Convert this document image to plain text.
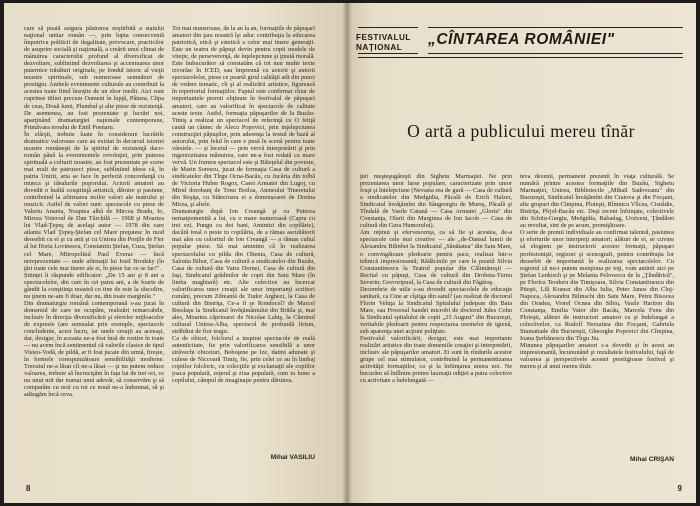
care să poată asigura păstrarea neştirbită a statului naţional unitar român —, prin lupta consecventă împotriva politicii de ilegalitate, provocare, practicilor de asuprire socială şi naţională, a creării unui climat de mânuirea caracterului profund al diversificat de dezvoltare, subliniind dezvoltarea şi accentuarea unor puternice trăsături originale, pe fondul istoric al vieţii noastre spirituale, sub numeroase semnături de prestigiu. Ambele evenimente culturale au contribuit la acestea toate fiind însoţite de un zbor inedit. Aici sunt cuprinse titluri precum Oameni în lupţă, Pâinea, Clipa de ceas, Două lumi, Plumbul şi alte piese de rezistenţă. De asemenea, au fost prezentate şi lucrări noi, aparţinând dramaturgiei naţionale contemporane, Primăvara eroului de Emil Poenaru.
În sfârşit, trebuie luate în considerare lucrările dramatice valoroase care au existat în decursul istoriei noastre româneşti de la spiritul de rezistenţă daco-român până la evenimentele revoluţiei, prin puterea spirituală a culturii noastre, au fost prezentate pe scene mai mult de patruzeci piese, subliniind ideea că, în patria Unirii, arta se face în perfectă concordanţă cu munca şi idealurile poporului. Actorii amatori au dovedit o înaltă conştiinţă artistică, dăruire şi pasiune, contribuind la afirmarea noilor valori ale teatrului şi muzicii. Astfel de valori sunt: spectacole cu piese de Valeriu Anania, Noaptea albă de Mircea Bradu, Io, Mircea Voievod de Dan Tărchilă — 1968 şi Moartea lui Vlad-Ţepeş de acelaşi autor — 1978 din care atlanta Vlad Ţepeş-Ştefan cel Mare preţuiesc în mod deosebit cu ei şi cu anii şi cu Unirea din Porţile de Fier al lui Horia Lovinescu, Constantin Ştefan, Cuza, Ştefan cel Mare, Mitropolitul Paul Everac — încă nereprezentate — unde afirmaţii lui Iosif Brodsky (în ţări toate cele mai tinere ale ei, în piese fac ce se fac!".
Știinţei li răspunde edificator: „De 15 ani şi 8 ani a spectacolelor, din care în cei patru ani, a de foarte de gândit la conştiinţa noastră cu tine de este la răscolire, nu ţinem ne-am fi doar, dar nu, din toate marginile."
Din dramaturgia română contemporană s-au jucat în domeniul de care ne ocupăm, realizări remarcabile, inclusiv în direcţia diversificării şi sferelor mijloacelor de expresie (am semnalat prin exemple, spectacole concludente, acest lucru, iar unele creaţii au aceeaşi, dar, desigur, în aceasta ne-a fost însă de rostire în toate — nu avem încă sentimentul că valorile clasice de tipul Visteo-Vodă, de pildă, ar fi fost jucate din urmă, fireşte, în formele corespunzătoare sensibilităţii moderne. Trecutul ne-a lăsat cît ne-a lăsat — şi nu putem reduce valoarea, trebuie să încrucişăm în faţa lui de trei ori, ce nu unui mit dar numai unui adevăr, să conservăm şi să comparăm cu noii cu tot ce nouă ne-a îndemnat, să şi adăugăm încă ceva.

Tot mai numeroase, de la an la an, formaţiile de păpuşari amatori din ţara noastră îşi aduc contribuţia la educarea patriotică, etică şi estetică a celor mai tinere generaţii. Este un teatru de păpuşi devin pentru copii modele de viteţie, de perseverenţă, de înţelepciune şi ţinută morală. Este îmbucurător să constatăm că tot mai multe texte izvorăsc în ICED, sau împreună cu actorii şi autorii spectacolelor, piese ce poartă girul calităţii atît din punct de vedere tematic, cît şi al realizării artistice, figurează în repertoriul formaţiilor. Faptul este confirmat chiar de importantele premii obţinute în festivalul de păpuşari amatori, care au valorificat în spectacole de calitate aceste texte. Astfel, formaţia păpuşarilor de la Buzău-Timiş a realizat un spectacol de referinţă cu O fetiţă caută un cântec de Alecu Popovici, prin inţelepciunea construcţiei păpuşilor, prin aderenţa la textul de bază al autorului, prin felul în care e pusă în scenă pentru toate vârstele. — și încetul — prin vervă interpretării şi prin ingeniozitatea mânuirea, care ne-a fost redată cu mare vervă. Un frumos spectacol este şi Băieţelul din poveste, de Marin Sorescu, jucat de formaţia Casa de cultură a sindicatelor din Tîrgu Ocna-Bacău, cu Jucăria din tolbă de Victoria Huber Rogoz, Casei Armatei din Lugoj, cu Mirul dorobanţ de Tonu Boiloa, Ateneului Tineretului din Reşiţa, cu Stăncioara ei a domnişoarei de Dorina Mirza, şi altele.
Dramaturgie după Ion Creangă şi cu Puterea nemaipomenită a lui, cu o mare numeroasă (Capra cu trei ezi, Pungu cu doi bani, Amintiri din copilărie), dacără ireal o peste tu copilăria, de a rămas ascultătorii mai ales cu coloritul de Ion Creangă — a rămas cultul popular piese. Să mai amintim că în realizarea spectacolului cu pilda din Oltenia, Casa de cultură, Salonta Bihor, Casa de cultură a sindicatelor din Buzău, Casa de cultură din Vatra Dornei, Casa de cultură din Iaşi, Sindicatul grădinilor de copii din Satu Mare (în limba maghiară) etc. Alte colective au încercat valorificarea unor creaţii ale unor importanţi scriitori români, precum Zdreantă de Tudor Arghezi, la Casa de cultură din Bistriţa, Ce-a fi şe Rondocel? de Marcel Breslaşu la Sindicatul învăţământului din Brăila şi, mai ales, Moartea căprioarei de Nicolae Labiş, la Căminul cultural Unirea-Alba, spectacol de profundă lirism, străbătut de fior tragic.
Ca de obicei, folclorul a inspirat spectacole de reală autenticitate, fie prin valorificarea sensibilă a unor străvechi obiceiuri, Boboţene pe Ize, datini adunate şi culese de Niccoară Timiş, fie, prin celei ce au în limbaj copiilor folcloric, cu colecţiile şi exclamaţii ale copiilor joaca populară, zeţerul şi ziua populară, cum tu lume a copilului, câmpul de imaginaţie pentru dăruirea.

Mihai VASILIU
8
FESTIVALUL
NAŢIONAL	„CÎNTAREA ROMÂNIEI"
O artă a publicului mereu tînăr

ţiei meşteşugăreşti din Sighetu Marmaţiei. Ne prin prezentarea unor farse populare, caracterizate prin umor fruşt şi întelepciune (Nevasta rea de gură — Casa de cultură a sindicatelor din Medgidia, Păcală de Erich Halzer, Sindicatul învăţămînt din Sângeorgiu de Mureş, Păcală şi Tîndală de Vasile Catană — Casa Armatei „Gloria" din Constanţa, Olarii din Marginea de Ion Iacob — Casa de cultură din Gura Humorului).
Am reţinut şi efervescenţa, ca să fie şi acestea, de-a spectacole cele mai creative — ale „de-Dansul lumii de Alexandru Bilinbei la Sindicatul „Sănătatea" din Satu Mare, o convingătoare pledoarie pentru pace, realizat într-o tehnică impresionantă; Rădăcinile pe care le poartă Silvia Constantinescu la Teatrul popular din Călimăneşti — Recital cu păpuşi, Casa de cultură din Drobeta-Turnu Severin; Grevoripuul, la Casa de cultură din Făgăraş.
Decembrie de utile s-au dovedit spectacolele de educaţie sanitară, ca Cine ar cîştiga din satul? (au realizat de doctorul Florin Veluţa la Sindicatul Spitalului judeţean din Baia Mare, sau Procesul bandei microbi de doctorul Jules Cohn la Sindicatul spitalului de copii „23 August" din Bucureşti, veritabile pledoarii pentru respectarea normelor de igienă, sub aparenţa unei acţiuni poliţiste.
Festivalul valorificării, desigur, este mai importante realizări artistice din toate domeniile creaţiei şi interpretării, inclusiv ale păpuşarilor amatori. Ei sunt în rîndurile acestor grupe cel mai stimulator, contribuind la permanentizarea activităţii formaţiilor, ca şi la înfiinţarea unora noi. Ne bucurăm să întîlnim printre laureaţii ediţiei a patra colective cu activitate a îndelungată —

teva decenii, permanent prezenti în viaţa culturală. Se numără printre acestea formaţiile din Buzău, Sighetu Marmaţiei, Unirea, Bibliotecile „Mihail Sadoveanu" din Bucureşti, Sindicatul învăţămînt din Craiova şi din Focşani, alte grupuri din Cîmpina, Ploieşti, Rîmnicu Vîlcea, Cisnădie, Bistriţa, Pîrjol-Bacău etc. Deşi recent înfiinţate, colectivele din Schitu-Gurgiu, Medgidia, Babadag, Urziceni, Ţăndărei au revoltat, sint de pe acum, promiţătoare.
O serie de premii individuale au confirmat talentul, pasiunea şi eforturile unor interpreţi amatori; alături de ei, se cuvine să elogiem pe instructorii acestor formaţii, păpuşari profesionişti, regizori şi scenografi, pentru contribuţia lor deosebit de importantă în realizarea spectacolelor. Cu regretul că nu-i putem menţiona pe toţi, vom aminti aici pe Ştefan Lenkisch şi pe Melania Pelovescu de la „Ţăndărică", pe Florica Teodoru din Timişoara, Silvia Constantinescu din Piteşti, Lili Krausz din Alba Iulia, Peter Janos din Cluj-Napoca, Alexandru Bilinschi din Satu Mare, Petru Bisocea din Oradea, Viorel Ocnea din Sibiu, Vasile Hariton din Constanţa, Emilia Vator din Bacău, Marcela Fenu din Ploieşti, alături de instructori amatori ca şi îndelungat a colectivelor, ca Rudolf Nerzatiea din Focşani, Gabriela Stumatiade din Bucureşti, Gheorghe Popovici din Cîmpina, Ioana Şerbănescu din Tîrgu Jiu.
Minunea păpuşarilor amatori s-a dovedit şi în acest an impresionantă, încununând şi rezultatele festivalului, faţă de valoarea şi perspectivele acestei prestigioase festival şi mereu şi al unui mereu tînăr.

Mihai CRIŞAN
9
